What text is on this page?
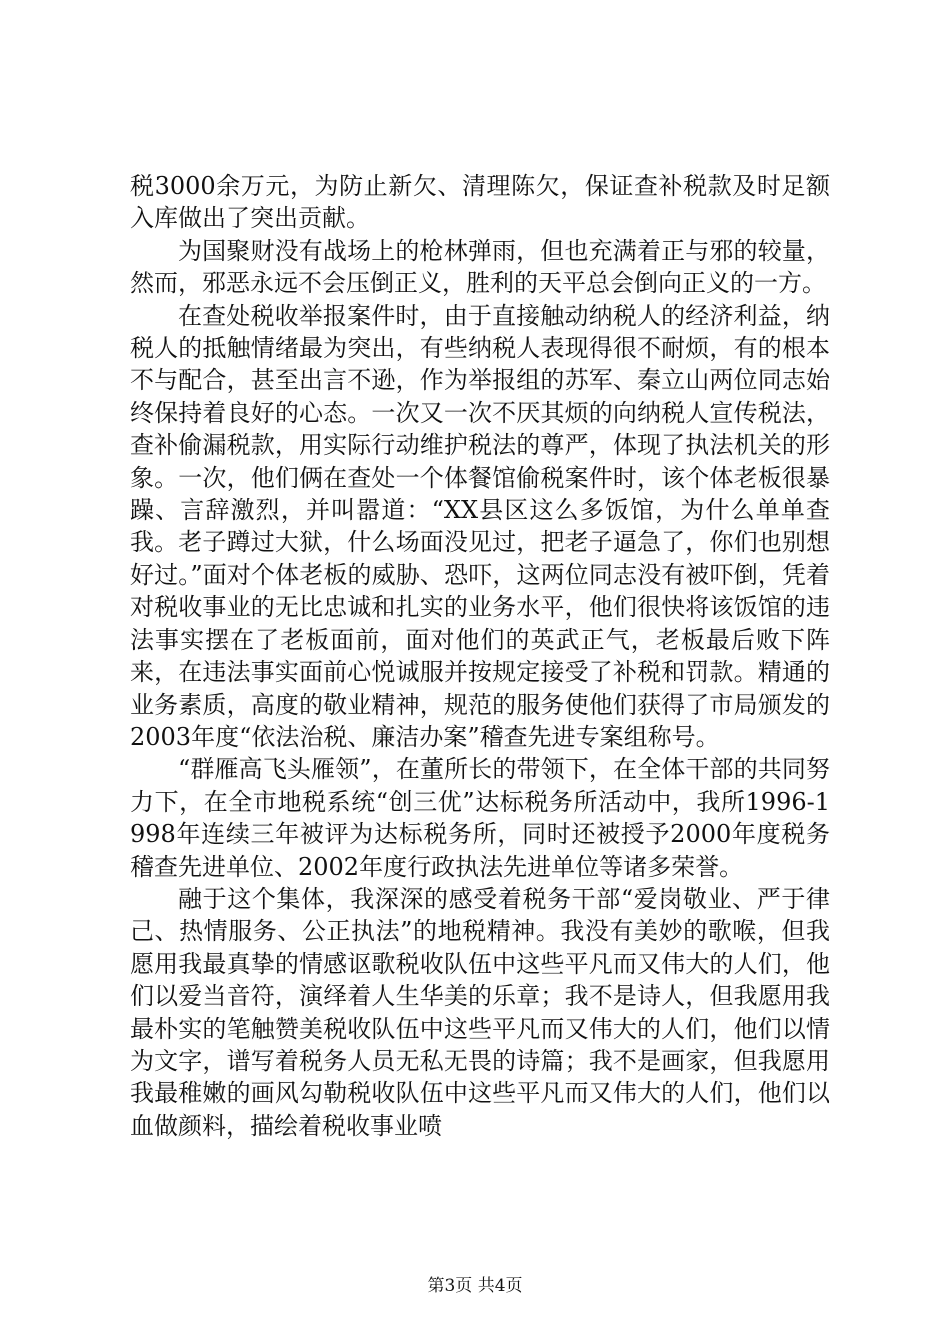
税3000余万元，为防止新欠、清理陈欠，保证查补税款及时足额入库做出了突出贡献。

为国聚财没有战场上的枪林弹雨，但也充满着正与邪的较量，然而，邪恶永远不会压倒正义，胜利的天平总会倒向正义的一方。

在查处税收举报案件时，由于直接触动纳税人的经济利益，纳税人的抵触情绪最为突出，有些纳税人表现得很不耐烦，有的根本不与配合，甚至出言不逊，作为举报组的苏军、秦立山两位同志始终保持着良好的心态。一次又一次不厌其烦的向纳税人宣传税法，查补偷漏税款，用实际行动维护税法的尊严，体现了执法机关的形象。一次，他们俩在查处一个体餐馆偷税案件时，该个体老板很暴躁、言辞激烈，并叫嚣道：“XX县区这么多饭馆，为什么单单查我。老子蹲过大狱，什么场面没见过，把老子逼急了，你们也别想好过。”面对个体老板的威胁、恐吓，这两位同志没有被吓倒，凭着对税收事业的无比忠诚和扎实的业务水平，他们很快将该饭馆的违法事实摆在了老板面前，面对他们的英武正气，老板最后败下阵来，在违法事实面前心悦诚服并按规定接受了补税和罚款。精通的业务素质，高度的敬业精神，规范的服务使他们获得了市局颁发的2003年度“依法治税、廉洁办案”稽查先进专案组称号。

“群雁高飞头雁领”，在董所长的带领下，在全体干部的共同努力下，在全市地税系统“创三优”达标税务所活动中，我所1996-1998年连续三年被评为达标税务所，同时还被授予2000年度税务稽查先进单位、2002年度行政执法先进单位等诸多荣誉。

融于这个集体，我深深的感受着税务干部“爱岗敬业、严于律己、热情服务、公正执法”的地税精神。我没有美妙的歌喉，但我愿用我最真挚的情感讴歌税收队伍中这些平凡而又伟大的人们，他们以爱当音符，演绎着人生华美的乐章；我不是诗人，但我愿用我最朴实的笔触赞美税收队伍中这些平凡而又伟大的人们，他们以情为文字，谱写着税务人员无私无畏的诗篇；我不是画家，但我愿用我最稚嫩的画风勾勒税收队伍中这些平凡而又伟大的人们，他们以血做颜料，描绘着税收事业喷

第3页 共4页
